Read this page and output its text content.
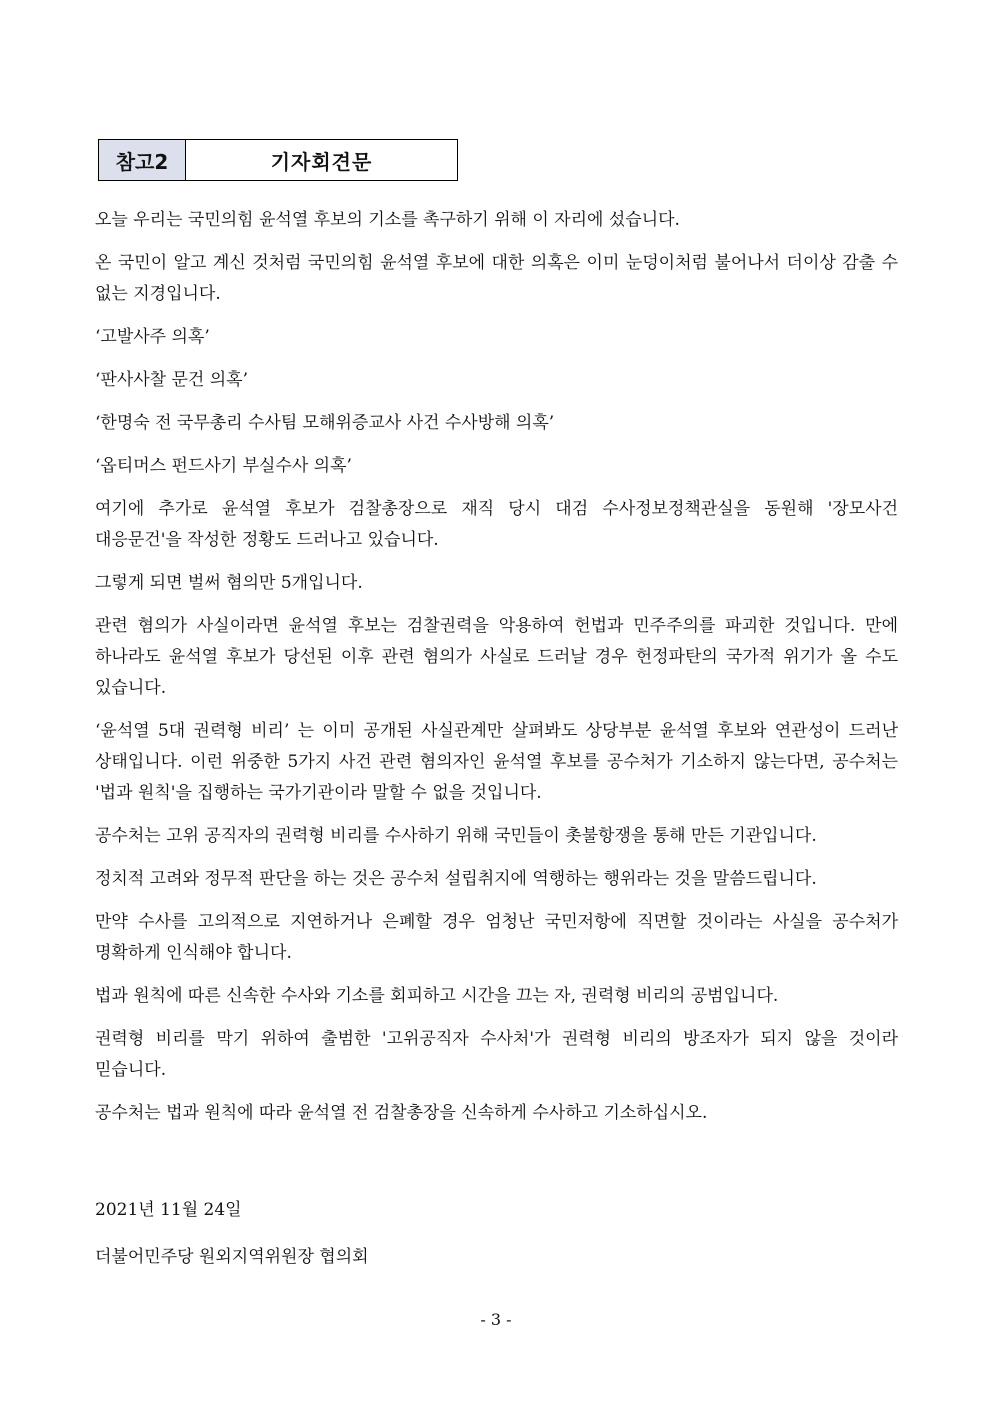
참고2	기자회견문

오늘 우리는 국민의힘 윤석열 후보의 기소를 촉구하기 위해 이 자리에 섰습니다.

온 국민이 알고 계신 것처럼 국민의힘 윤석열 후보에 대한 의혹은 이미 눈덩이처럼 불어나서 더이상 감출 수 없는 지경입니다.

‘고발사주 의혹’

‘판사사찰 문건 의혹’

‘한명숙 전 국무총리 수사팀 모해위증교사 사건 수사방해 의혹’

‘옵티머스 펀드사기 부실수사 의혹’

여기에 추가로 윤석열 후보가 검찰총장으로 재직 당시 대검 수사정보정책관실을 동원해 '장모사건 대응문건'을 작성한 정황도 드러나고 있습니다.

그렇게 되면 벌써 혐의만 5개입니다.

관련 혐의가 사실이라면 윤석열 후보는 검찰권력을 악용하여 헌법과 민주주의를 파괴한 것입니다. 만에 하나라도 윤석열 후보가 당선된 이후 관련 혐의가 사실로 드러날 경우 헌정파탄의 국가적 위기가 올 수도 있습니다.

‘윤석열 5대 권력형 비리’ 는 이미 공개된 사실관계만 살펴봐도 상당부분 윤석열 후보와 연관성이 드러난 상태입니다. 이런 위중한 5가지 사건 관련 혐의자인 윤석열 후보를 공수처가 기소하지 않는다면, 공수처는 '법과 원칙'을 집행하는 국가기관이라 말할 수 없을 것입니다.

공수처는 고위 공직자의 권력형 비리를 수사하기 위해 국민들이 촛불항쟁을 통해 만든 기관입니다.

정치적 고려와 정무적 판단을 하는 것은 공수처 설립취지에 역행하는 행위라는 것을 말씀드립니다.

만약 수사를 고의적으로 지연하거나 은폐할 경우 엄청난 국민저항에 직면할 것이라는 사실을 공수처가 명확하게 인식해야 합니다.

법과 원칙에 따른 신속한 수사와 기소를 회피하고 시간을 끄는 자, 권력형 비리의 공범입니다.

권력형 비리를 막기 위하여 출범한 '고위공직자 수사처'가 권력형 비리의 방조자가 되지 않을 것이라 믿습니다.

공수처는 법과 원칙에 따라 윤석열 전 검찰총장을 신속하게 수사하고 기소하십시오.

2021년 11월 24일

더불어민주당 원외지역위원장 협의회

- 3 -
